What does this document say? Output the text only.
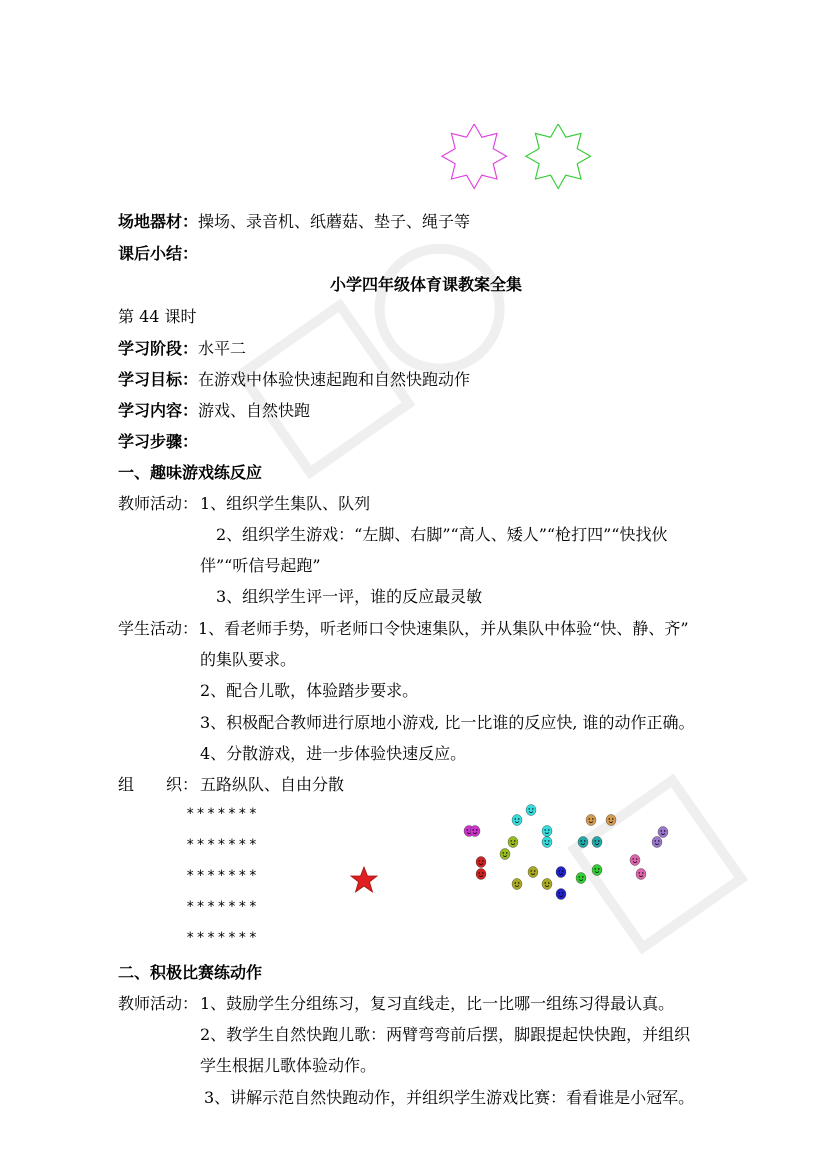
场地器材：操场、录音机、纸蘑菇、垫子、绳子等
课后小结：
小学四年级体育课教案全集
第 44 课时
学习阶段：水平二
学习目标：在游戏中体验快速起跑和自然快跑动作
学习内容：游戏、自然快跑
学习步骤：
一、趣味游戏练反应
教师活动： 1、组织学生集队、队列
2、组织学生游戏：“左脚、右脚”“高人、矮人”“枪打四”“快找伙
伴”“听信号起跑”
3、组织学生评一评，谁的反应最灵敏
学生活动： 1、看老师手势，听老师口令快速集队，并从集队中体验“快、静、齐”
的集队要求。
2、配合儿歌，体验踏步要求。
3、积极配合教师进行原地小游戏, 比一比谁的反应快, 谁的动作正确。
4、分散游戏，进一步体验快速反应。
组　　织： 五路纵队、自由分散
*******
*******
*******
*******
*******
二、积极比赛练动作
教师活动： 1、鼓励学生分组练习，复习直线走，比一比哪一组练习得最认真。
2、教学生自然快跑儿歌：两臂弯弯前后摆，脚跟提起快快跑，并组织
学生根据儿歌体验动作。
3、讲解示范自然快跑动作，并组织学生游戏比赛：看看谁是小冠军。
